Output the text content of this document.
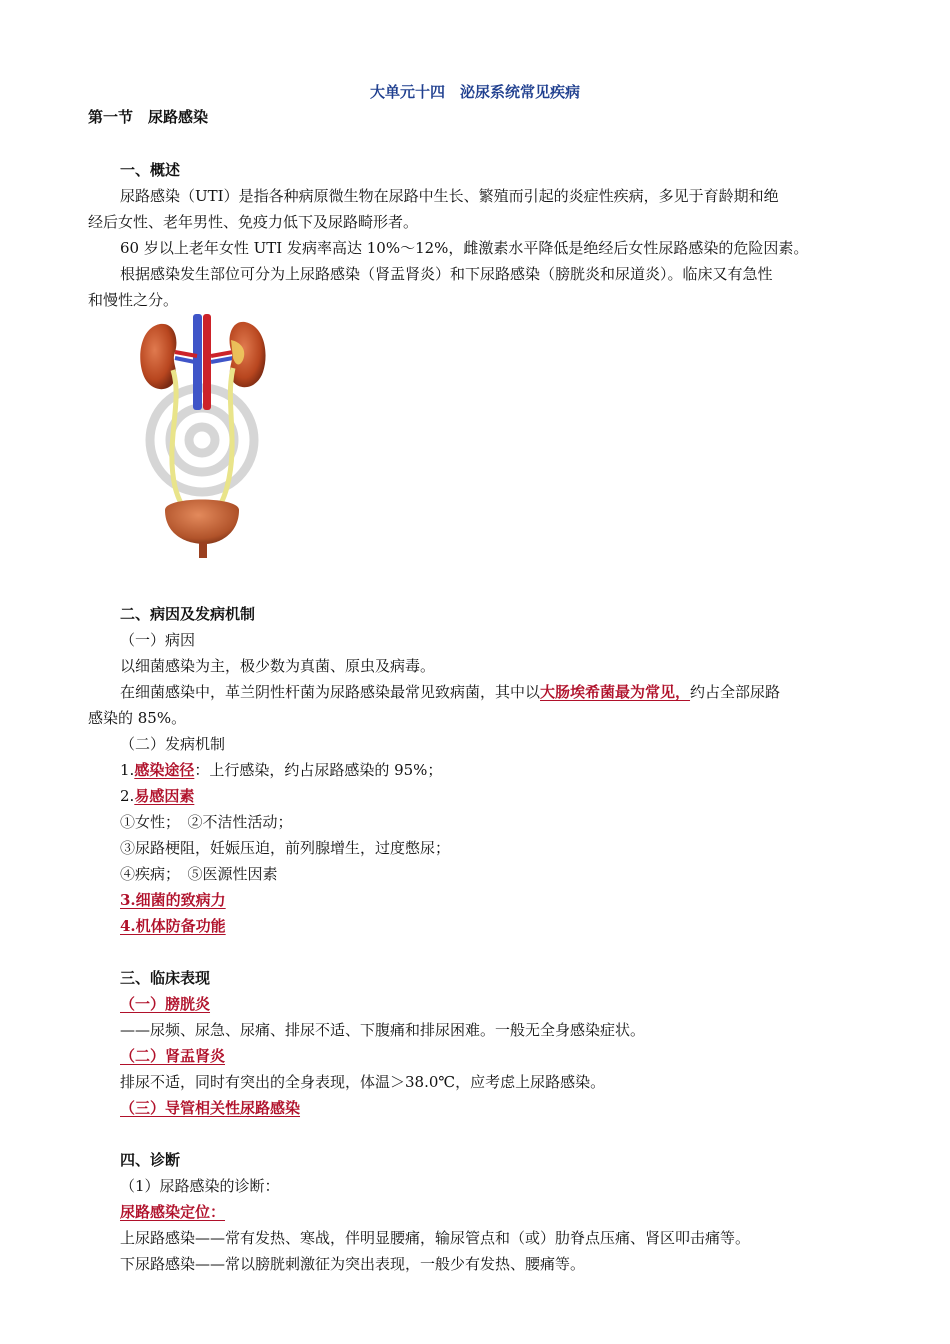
大单元十四　泌尿系统常见疾病
第一节　尿路感染
一、概述
尿路感染（UTI）是指各种病原微生物在尿路中生长、繁殖而引起的炎症性疾病，多见于育龄期和绝
经后女性、老年男性、免疫力低下及尿路畸形者。
60 岁以上老年女性 UTI 发病率高达 10%～12%，雌激素水平降低是绝经后女性尿路感染的危险因素。
根据感染发生部位可分为上尿路感染（肾盂肾炎）和下尿路感染（膀胱炎和尿道炎）。临床又有急性
和慢性之分。
二、病因及发病机制
（一）病因
以细菌感染为主，极少数为真菌、原虫及病毒。
在细菌感染中，革兰阴性杆菌为尿路感染最常见致病菌，其中以大肠埃希菌最为常见，约占全部尿路
感染的 85%。
（二）发病机制
1.感染途径：上行感染，约占尿路感染的 95%；
2.易感因素
①女性；　②不洁性活动；
③尿路梗阻，妊娠压迫，前列腺增生，过度憋尿；
④疾病；　⑤医源性因素
3.细菌的致病力
4.机体防备功能
三、临床表现
（一）膀胱炎
——尿频、尿急、尿痛、排尿不适、下腹痛和排尿困难。一般无全身感染症状。
（二）肾盂肾炎
排尿不适，同时有突出的全身表现，体温＞38.0℃，应考虑上尿路感染。
（三）导管相关性尿路感染
四、诊断
（1）尿路感染的诊断：
尿路感染定位：
上尿路感染——常有发热、寒战，伴明显腰痛，输尿管点和（或）肋脊点压痛、肾区叩击痛等。
下尿路感染——常以膀胱刺激征为突出表现，一般少有发热、腰痛等。
